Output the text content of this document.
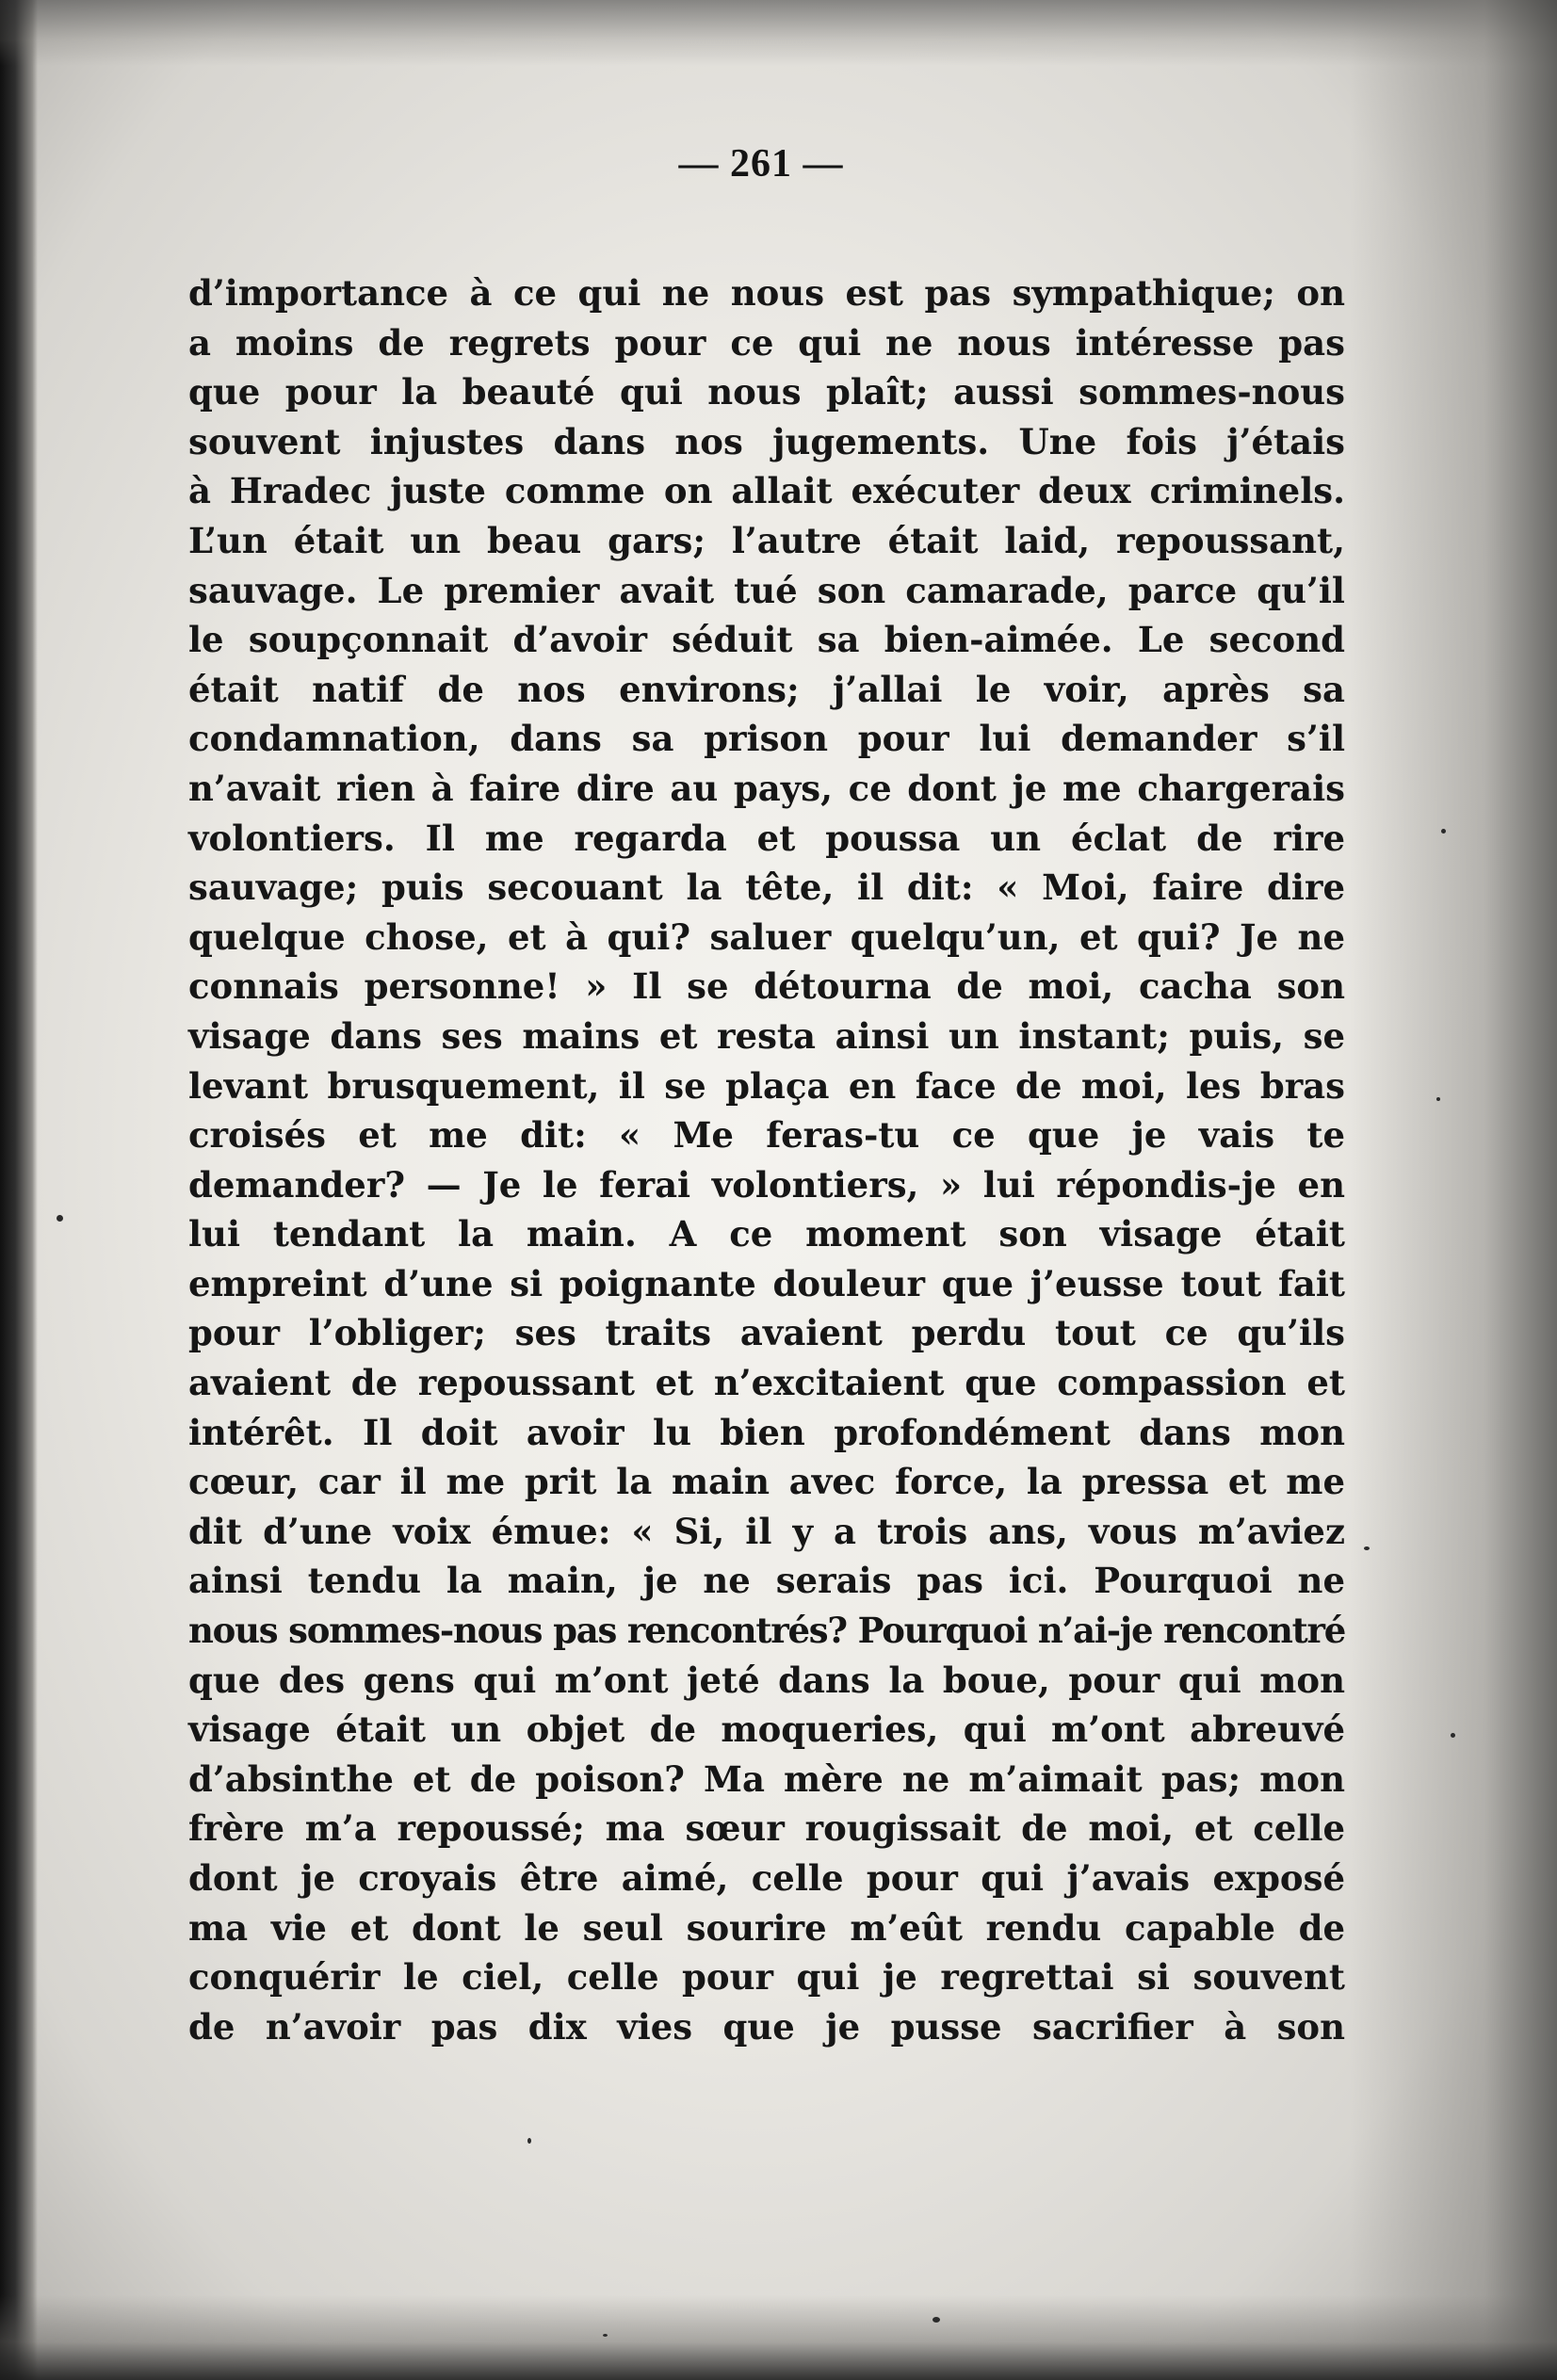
— 261 —
d’importance à ce qui ne nous est pas sympathique; on
a moins de regrets pour ce qui ne nous intéresse pas
que pour la beauté qui nous plaît; aussi sommes-nous
souvent injustes dans nos jugements. Une fois j’étais
à Hradec juste comme on allait exécuter deux criminels.
L’un était un beau gars; l’autre était laid, repoussant,
sauvage. Le premier avait tué son camarade, parce qu’il
le soupçonnait d’avoir séduit sa bien-aimée. Le second
était natif de nos environs; j’allai le voir, après sa
condamnation, dans sa prison pour lui demander s’il
n’avait rien à faire dire au pays, ce dont je me chargerais
volontiers. Il me regarda et poussa un éclat de rire
sauvage; puis secouant la tête, il dit: « Moi, faire dire
quelque chose, et à qui? saluer quelqu’un, et qui? Je ne
connais personne! » Il se détourna de moi, cacha son
visage dans ses mains et resta ainsi un instant; puis, se
levant brusquement, il se plaça en face de moi, les bras
croisés et me dit: « Me feras-tu ce que je vais te
demander? — Je le ferai volontiers, » lui répondis-je en
lui tendant la main. A ce moment son visage était
empreint d’une si poignante douleur que j’eusse tout fait
pour l’obliger; ses traits avaient perdu tout ce qu’ils
avaient de repoussant et n’excitaient que compassion et
intérêt. Il doit avoir lu bien profondément dans mon
cœur, car il me prit la main avec force, la pressa et me
dit d’une voix émue: « Si, il y a trois ans, vous m’aviez
ainsi tendu la main, je ne serais pas ici. Pourquoi ne
nous sommes-nous pas rencontrés? Pourquoi n’ai-je rencontré
que des gens qui m’ont jeté dans la boue, pour qui mon
visage était un objet de moqueries, qui m’ont abreuvé
d’absinthe et de poison? Ma mère ne m’aimait pas; mon
frère m’a repoussé; ma sœur rougissait de moi, et celle
dont je croyais être aimé, celle pour qui j’avais exposé
ma vie et dont le seul sourire m’eût rendu capable de
conquérir le ciel, celle pour qui je regrettai si souvent
de n’avoir pas dix vies que je pusse sacrifier à son
